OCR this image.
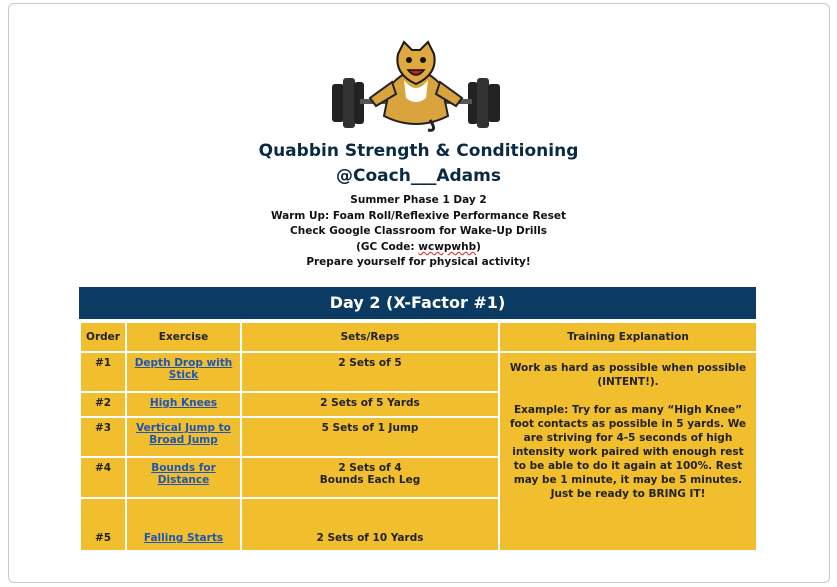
Quabbin Strength & Conditioning
@Coach___Adams
Summer Phase 1 Day 2
Warm Up: Foam Roll/Reflexive Performance Reset
Check Google Classroom for Wake-Up Drills
(GC Code: wcwpwhb)
Prepare yourself for physical activity!
Day 2 (X-Factor #1)
Order	Exercise	Sets/Reps	Training Explanation
#1	Depth Drop with Stick	2 Sets of 5	Work as hard as possible when possible (INTENT!).
Example: Try for as many “High Knee” foot contacts as possible in 5 yards. We are striving for 4-5 seconds of high intensity work paired with enough rest to be able to do it again at 100%. Rest may be 1 minute, it may be 5 minutes. Just be ready to BRING IT!

#2	High Knees	2 Sets of 5 Yards	
#3	Vertical Jump to Broad Jump	5 Sets of 1 Jump	
#4	Bounds for Distance	2 Sets of 4
Bounds Each Leg	

#5	Falling Starts	2 Sets of 10 Yards	
